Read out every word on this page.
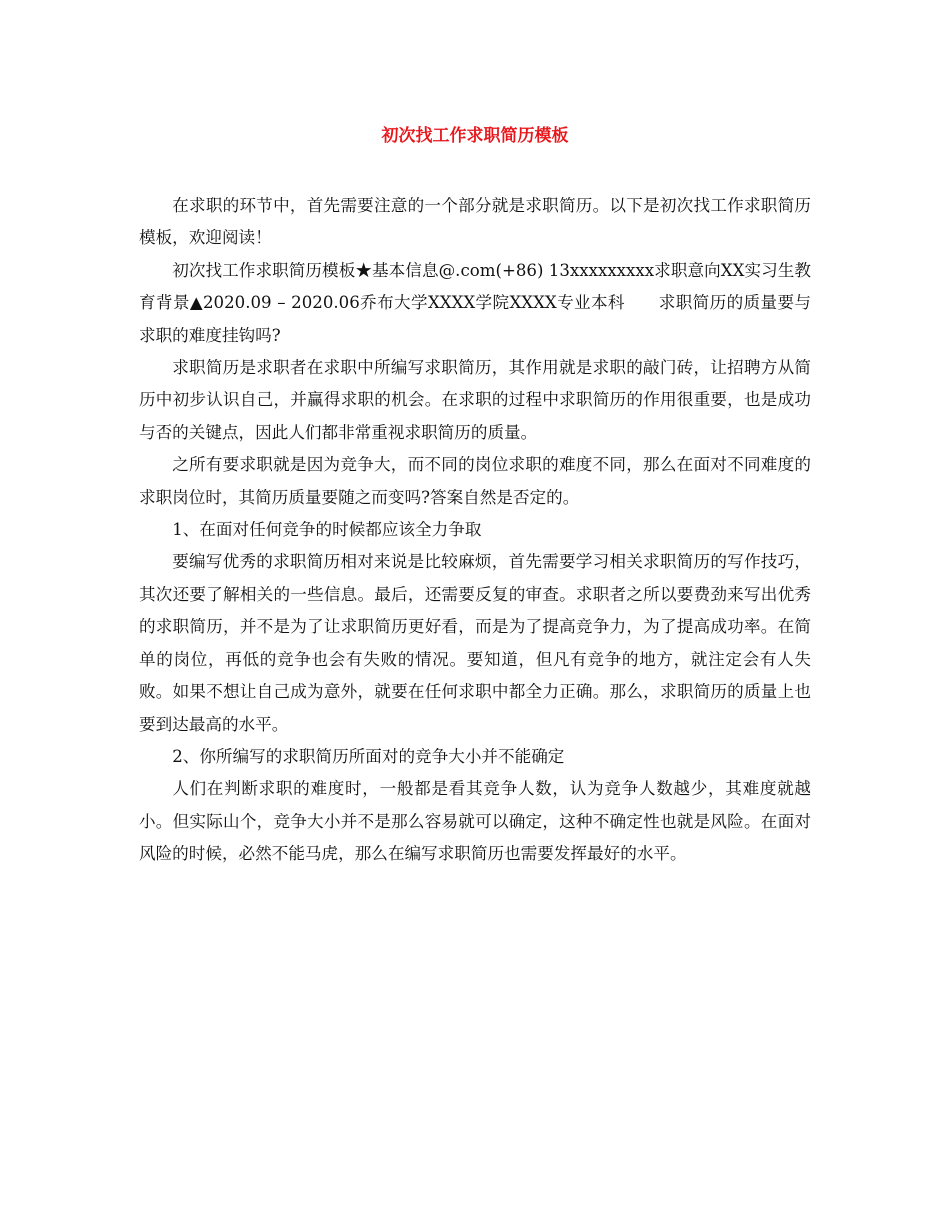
初次找工作求职简历模板

在求职的环节中，首先需要注意的一个部分就是求职简历。以下是初次找工作求职简历模板，欢迎阅读！

初次找工作求职简历模板★基本信息@.com(+86) 13xxxxxxxxx求职意向XX实习生教育背景▲2020.09 – 2020.06乔布大学XXXX学院XXXX专业本科　　求职简历的质量要与求职的难度挂钩吗?

求职简历是求职者在求职中所编写求职简历，其作用就是求职的敲门砖，让招聘方从简历中初步认识自己，并赢得求职的机会。在求职的过程中求职简历的作用很重要，也是成功与否的关键点，因此人们都非常重视求职简历的质量。

之所有要求职就是因为竞争大，而不同的岗位求职的难度不同，那么在面对不同难度的求职岗位时，其简历质量要随之而变吗?答案自然是否定的。

1、在面对任何竞争的时候都应该全力争取

要编写优秀的求职简历相对来说是比较麻烦，首先需要学习相关求职简历的写作技巧，其次还要了解相关的一些信息。最后，还需要反复的审查。求职者之所以要费劲来写出优秀的求职简历，并不是为了让求职简历更好看，而是为了提高竞争力，为了提高成功率。在简单的岗位，再低的竞争也会有失败的情况。要知道，但凡有竞争的地方，就注定会有人失败。如果不想让自己成为意外，就要在任何求职中都全力正确。那么，求职简历的质量上也要到达最高的水平。

2、你所编写的求职简历所面对的竞争大小并不能确定

人们在判断求职的难度时，一般都是看其竞争人数，认为竞争人数越少，其难度就越小。但实际山个，竞争大小并不是那么容易就可以确定，这种不确定性也就是风险。在面对风险的时候，必然不能马虎，那么在编写求职简历也需要发挥最好的水平。
